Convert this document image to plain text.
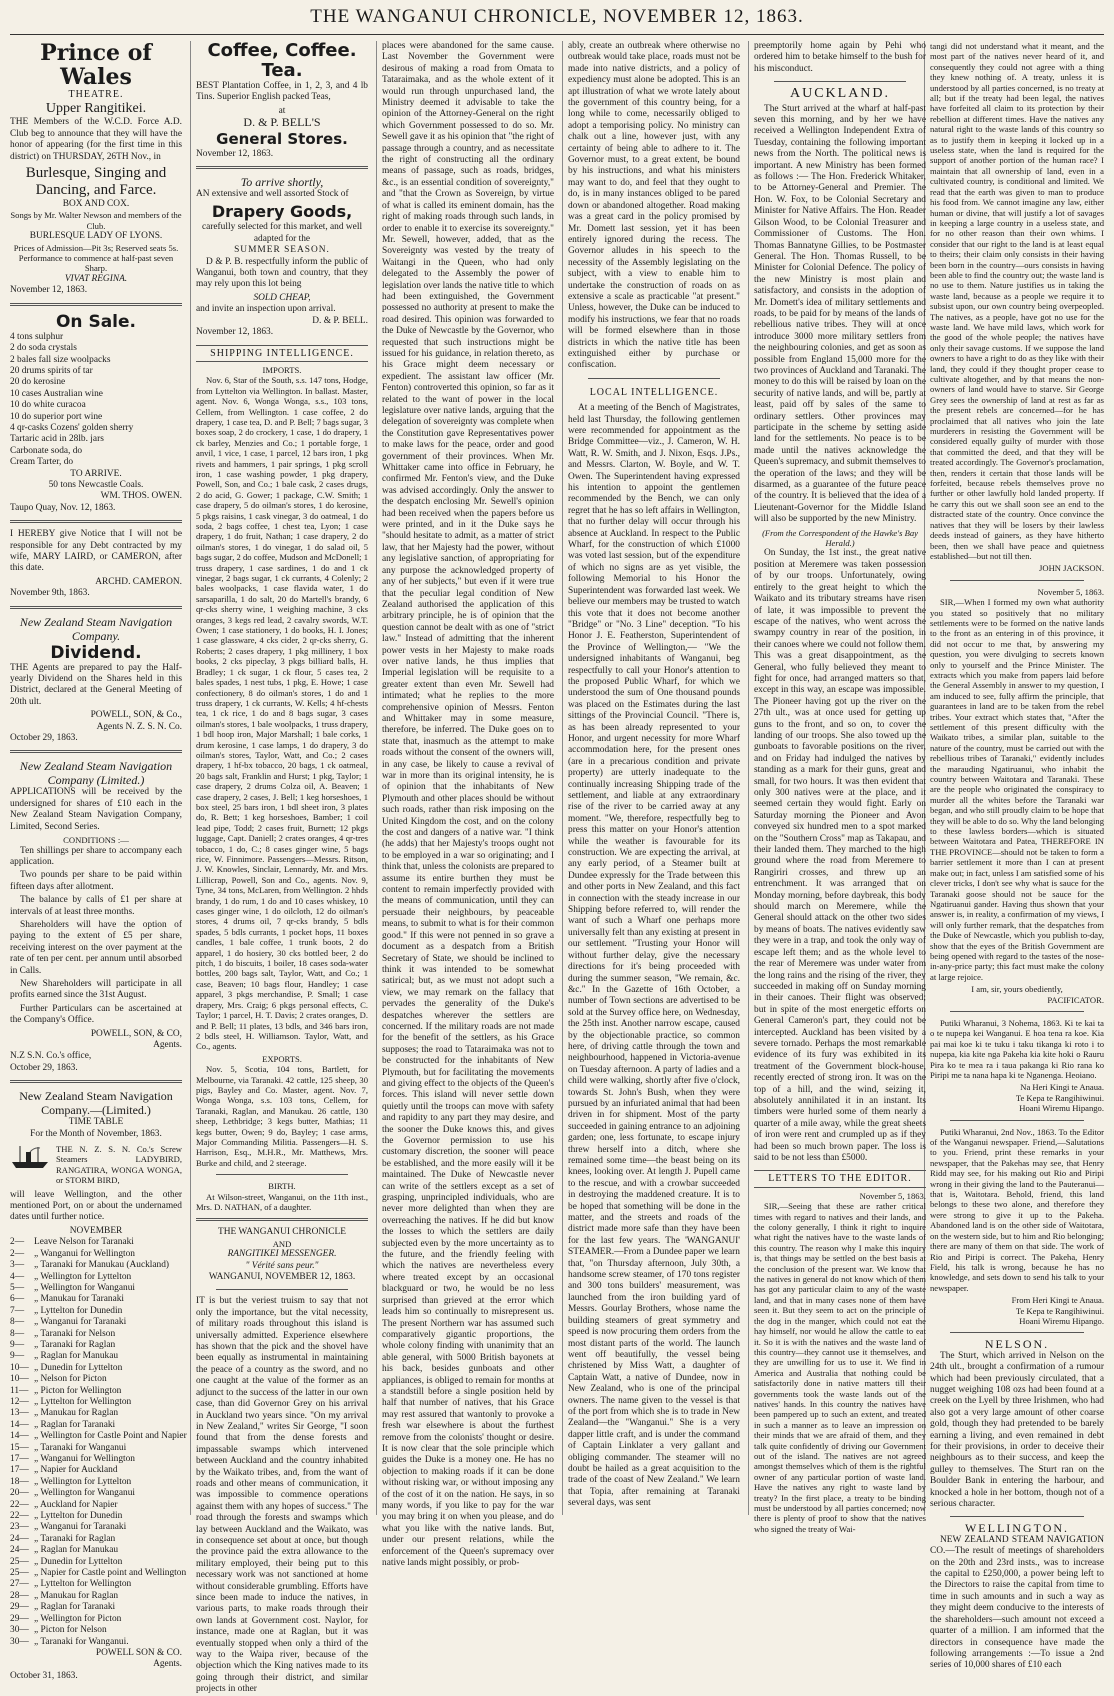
THE WANGANUI CHRONICLE, NOVEMBER 12, 1863.
Prince of Wales
THEATRE.
Upper Rangitikei.

THE Members of the W.C.D. Force A.D. Club beg to announce that they will have the honor of appearing (for the first time in this district) on THURSDAY, 26TH Nov., in

Burlesque, Singing and Dancing, and Farce.
BOX AND COX.
Songs by Mr. Walter Newson and members of the Club.
BURLESQUE LADY OF LYONS.
Prices of Admission—Pit 3s; Reserved seats 5s. Performance to commence at half-past seven Sharp.
VIVAT REGINA.
November 12, 1863.
On Sale.
4 tons sulphur
2 do soda crystals
2 bales fall size woolpacks
20 drums spirits of tar
20 do kerosine
10 cases Australian wine
10 do white curacoa
10 do superior port wine
4 qr-casks Cozens' golden sherry
Tartaric acid in 28lb. jars
Carbonate soda, do
Cream Tarter, do
TO ARRIVE.
50 tons Newcastle Coals.
WM. THOS. OWEN.
Taupo Quay, Nov. 12, 1863.

I HEREBY give Notice that I will not be responsible for any Debt contracted by my wife, MARY LAIRD, or CAMERON, after this date.

ARCHD. CAMERON.
November 9th, 1863.
New Zealand Steam Navigation Company.
Dividend.

THE Agents are prepared to pay the Half-yearly Dividend on the Shares held in this District, declared at the General Meeting of 20th ult.

POWELL, SON, & Co.,
Agents N. Z. S. N. Co.
October 29, 1863.
New Zealand Steam Navigation Company (Limited.)

APPLICATIONS will be received by the undersigned for shares of £10 each in the New Zealand Steam Navigation Company, Limited, Second Series.

CONDITIONS :—

Ten shillings per share to accompany each application.

Two pounds per share to be paid within fifteen days after allotment.

The balance by calls of £1 per share at intervals of at least three months.

Shareholders will have the option of paying to the extent of £5 per share, receiving interest on the over payment at the rate of ten per cent. per annum until absorbed in Calls.

New Shareholders will participate in all profits earned since the 31st August.

Further Particulars can be ascertained at the Company's Office.

POWELL, SON, & CO,
Agents.
N.Z S.N. Co.'s office,
October 29, 1863.
New Zealand Steam Navigation Company.—(Limited.)
TIME TABLE
For the Month of November, 1863.
THE N. Z. S. N. Co.'s Screw Steamers LADYBIRD, RANGATIRA, WONGA WONGA, or STORM BIRD,

will leave Wellington, and the other mentioned Port, on or about the undernamed dates until further notice.

NOVEMBER
2—	Leave Nelson for Taranaki
2—	„ Wanganui for Wellington
3—	„ Taranaki for Manukau (Auckland)
4—	„ Wellington for Lyttelton
5—	„ Wellington for Wanganui
6—	„ Manukau for Taranaki
7—	„ Lyttelton for Dunedin
8—	„ Wanganui for Taranaki
8—	„ Taranaki for Nelson
9—	„ Taranaki for Raglan
9—	„ Raglan for Manukau
10— „ Dunedin for Lyttelton
10— „ Nelson for Picton
11— „ Picton for Wellington
12— „ Lyttelton for Wellington
13— „ Manukau for Raglan
14— „ Raglan for Taranaki
14— „ Wellington for Castle Point and Napier
15— „ Taranaki for Wanganui
17— „ Wanganui for Wellington
17— „ Napier for Auckland
18— „ Wellington for Lyttelton
20— „ Wellington for Wanganui
22— „ Auckland for Napier
22— „ Lyttelton for Dunedin
23— „ Wanganui for Taranaki
24— „ Taranaki for Raglan
24— „ Raglan for Manukau
25— „ Dunedin for Lyttelton
25— „ Napier for Castle point and Wellington
27— „ Lyttelton for Wellington
28— „ Manukau for Raglan
29— „ Raglan for Taranaki
29— „ Wellington for Picton
30— „ Picton for Nelson
30— „ Taranaki for Wanganui.
POWELL SON & CO.
Agents.
October 31, 1863.
Coffee, Coffee. Tea.

BEST Plantation Coffee, in 1, 2, 3, and 4 lb Tins. Superior English packed Teas,

at
D. & P. BELL'S
General Stores.
November 12, 1863.
To arrive shortly,

AN extensive and well assorted Stock of

Drapery Goods,
carefully selected for this market, and well adapted for the
SUMMER SEASON.

D & P. B. respectfully inform the public of Wanganui, both town and country, that they may rely upon this lot being

SOLD CHEAP,
and invite an inspection upon arrival.
D. & P. BELL.
November 12, 1863.
SHIPPING INTELLIGENCE.
IMPORTS.

Nov. 6, Star of the South, s.s. 147 tons, Hodge, from Lyttelton via Wellington. In ballast. Master, agent. Nov. 6, Wonga Wonga, s.s., 103 tons, Cellem, from Wellington. 1 case coffee, 2 do drapery, 1 case tea, D. and P. Bell; 7 bags sugar, 3 boxes soap, 2 do crockery, 1 case, 1 do drapery, 1 ck barley, Menzies and Co.; 1 portable forge, 1 anvil, 1 vice, 1 case, 1 parcel, 12 bars iron, 1 pkg rivets and hammers, 1 pair springs, 1 pkg scroll iron, 1 case washing powder, 1 pkg drapery, Powell, Son, and Co.; 1 bale cask, 2 cases drugs, 2 do acid, G. Gower; 1 package, C.W. Smith; 1 case drapery, 5 do oilman's stores, 1 do kerosine, 5 pkgs raisins, 1 cask vinegar, 3 do oatmeal, 1 do soda, 2 bags coffee, 1 chest tea, Lyon; 1 case drapery, 1 do fruit, Nathan; 1 case drapery, 2 do oilman's stores, 1 do vinegar, 1 do salad oil, 5 bags sugar, 2 do coffee, Mudson and McDonell; 1 truss drapery, 1 case sardines, 1 do and 1 ck vinegar, 2 bags sugar, 1 ck currants, 4 Colenly; 2 bales woolpacks, 1 case flavida water, 1 do sarsaparilla, 1 do salt, 20 do Martell's brandy, 6 qr-cks sherry wine, 1 weighing machine, 3 cks oranges, 3 kegs red lead, 2 cavalry swords, W.T. Owen; 1 case stationery, 1 do books, H. I. Jones; 1 case glassware, 4 cks cider, 2 qr-cks sherry, G. Roberts; 2 cases drapery, 1 pkg millinery, 1 box books, 2 cks pipeclay, 3 pkgs billiard balls, H. Bradley; 1 ck sugar, 1 ck flour, 5 cases tea, 2 bales spades, 1 nest tubs, 1 pkg, E. Howe; 1 case confectionery, 8 do oilman's stores, 1 do and 1 truss drapery, 1 ck currants, W. Kells; 4 hf-chests tea, 1 ck rice, 1 do and 8 bags sugar, 3 cases oilman's stores, 1 bale woolpacks, 1 truss drapery, 1 bdl hoop iron, Major Marshall; 1 bale corks, 1 drum kerosine, 1 case lamps, 1 do drapery, 3 do oilman's stores, Taylor, Watt, and Co.; 2 cases drapery, 1 hf-bx tobacco, 20 bags, 1 ck oatmeal, 20 bags salt, Franklin and Hurst; 1 pkg, Taylor; 1 case drapery, 2 drums Colza oil, A. Beaven; 1 case drapery, 2 cases, J. Bell; 1 keg horseshoes, 1 box steel, 25 bars iron, 1 bdl sheet iron, 3 plates do, R. Bett; 1 keg horseshoes, Bamber; 1 coil lead pipe, Todd; 2 cases fruit, Burnett; 12 pkgs luggage, Capt. Daniell; 2 crates oranges, 4 qr-tres tobacco, 1 do, C.; 8 cases ginger wine, 5 bags rice, W. Finnimore. Passengers—Messrs. Ritson, J. W. Knowles, Sinclair, Lennardy, Mr. and Mrs. Lillicrap, Powell, Son and Co., agents. Nov. 9, Tyne, 34 tons, McLaren, from Wellington. 2 hhds brandy, 1 do rum, 1 do and 10 cases whiskey, 10 cases ginger wine, 1 do oilcloth, 12 do oilman's stores, 4 drums oil, 7 qr-cks brandy, 5 bdls spades, 5 bdls currants, 1 pocket hops, 11 boxes candles, 1 bale coffee, 1 trunk boots, 2 do apparel, 1 do hosiery, 30 cks bottled beer, 2 do pitch, 1 do biscuits, 1 boiler, 18 cases soda-water bottles, 200 bags salt, Taylor, Watt, and Co.; 1 case, Beaven; 10 bags flour, Handley; 1 case apparel, 3 pkgs merchandise, P. Small; 1 case drapery, Mrs. Craig; 6 pkgs personal effects, C. Taylor; 1 parcel, H. T. Davis; 2 crates oranges, D. and P. Bell; 11 plates, 13 bdls, and 346 bars iron, 2 bdls steel, H. Williamson. Taylor, Watt, and Co., agents.

EXPORTS.

Nov. 5, Scotia, 104 tons, Bartlett, for Melbourne, via Taranaki. 42 cattle, 125 sheep, 30 pigs, Bayley and Co. Master, agent. Nov. 7, Wonga Wonga, s.s. 103 tons, Cellem, for Taranaki, Raglan, and Manukau. 26 cattle, 130 sheep, Lethbridge; 3 kegs butter, Mathias; 11 kegs butter, Owen; 9 do, Bayley; 1 case arms, Major Commanding Militia. Passengers—H. S. Harrison, Esq., M.H.R., Mr. Matthews, Mrs. Burke and child, and 2 steerage.

BIRTH.

At Wilson-street, Wanganui, on the 11th inst., Mrs. D. NATHAN, of a daughter.

THE WANGANUI CHRONICLE
AND
RANGITIKEI MESSENGER.
" Vérité sans peur."
WANGANUI, NOVEMBER 12, 1863.

IT is but the veriest truism to say that not only the importance, but the vital necessity, of military roads throughout this island is universally admitted. Experience elsewhere has shown that the pick and the shovel have been equally as instrumental in maintaining the peace of a country as the sword, and no one caught at the value of the former as an adjunct to the success of the latter in our own case, than did Governor Grey on his arrival in Auckland two years since. "On my arrival in New Zealand," writes Sir George, "I soon found that from the dense forests and impassable swamps which intervened between Auckland and the country inhabited by the Waikato tribes, and, from the want of roads and other means of communication, it was impossible to commence operations against them with any hopes of success." The road through the forests and swamps which lay between Auckland and the Waikato, was in consequence set about at once, but though the province paid the extra allowance to the military employed, their being put to this necessary work was not sanctioned at home without considerable grumbling. Efforts have since been made to induce the natives, in various parts, to make roads through their own lands at Government cost. Naylor, for instance, made one at Raglan, but it was eventually stopped when only a third of the way to the Waipa river, because of the objection which the King natives made to its going through their district, and similar projects in other

places were abandoned for the same cause. Last November the Government were desirous of making a road from Omata to Tataraimaka, and as the whole extent of it would run through unpurchased land, the Ministry deemed it advisable to take the opinion of the Attorney-General on the right which Government possessed to do so. Mr. Sewell gave it as his opinion that "the right of passage through a country, and as necessitate the right of constructing all the ordinary means of passage, such as roads, bridges, &c., is an essential condition of sovereignty," and "that the Crown as Sovereign, by virtue of what is called its eminent domain, has the right of making roads through such lands, in order to enable it to exercise its sovereignty." Mr. Sewell, however, added, that as the Sovereignty was vested by the treaty of Waitangi in the Queen, who had only delegated to the Assembly the power of legislation over lands the native title to which had been extinguished, the Government possessed no authority at present to make the road desired. This opinion was forwarded to the Duke of Newcastle by the Governor, who requested that such instructions might be issued for his guidance, in relation thereto, as his Grace might deem necessary or expedient. The assistant law officer (Mr. Fenton) controverted this opinion, so far as it related to the want of power in the local legislature over native lands, arguing that the delegation of sovereignty was complete when the Constitution gave Representatives power to make laws for the peace, order and good government of their provinces. When Mr. Whittaker came into office in February, he confirmed Mr. Fenton's view, and the Duke was advised accordingly. Only the answer to the despatch enclosing Mr. Sewell's opinion had been received when the papers before us were printed, and in it the Duke says he "should hesitate to admit, as a matter of strict law, that her Majesty had the power, without any legislative sanction, of appropriating for any purpose the acknowledged property of any of her subjects," but even if it were true that the peculiar legal condition of New Zealand authorised the application of this arbitrary principle, he is of opinion that the question cannot be dealt with as one of "strict law." Instead of admitting that the inherent power vests in her Majesty to make roads over native lands, he thus implies that Imperial legislation will be requisite to a greater extent than even Mr. Sewell had intimated; what he replies to the more comprehensive opinion of Messrs. Fenton and Whittaker may in some measure, therefore, be inferred. The Duke goes on to state that, inasmuch as the attempt to make roads without the consent of the owners will, in any case, be likely to cause a revival of war in more than its original intensity, he is of opinion that the inhabitants of New Plymouth and other places should be without such roads, rather than risk imposing on the United Kingdom the cost, and on the colony the cost and dangers of a native war. "I think (he adds) that her Majesty's troops ought not to be employed in a war so originating; and I think that, unless the colonists are prepared to assume its entire burthen they must be content to remain imperfectly provided with the means of communication, until they can persuade their neighbours, by peaceable means, to submit to what is for their common good." If this were not penned in so grave a document as a despatch from a British Secretary of State, we should be inclined to think it was intended to be somewhat satirical; but, as we must not adopt such a view, we may remark on the fallacy that pervades the generality of the Duke's despatches wherever the settlers are concerned. If the military roads are not made for the benefit of the settlers, as his Grace supposes; the road to Tataraimaka was not to be constructed for the inhabitants of New Plymouth, but for facilitating the movements and giving effect to the objects of the Queen's forces. This island will never settle down quietly until the troops can move with safety and rapidity to any part they may desire, and the sooner the Duke knows this, and gives the Governor permission to use his customary discretion, the sooner will peace be established, and the more easily will it be maintained. The Duke of Newcastle never can write of the settlers except as a set of grasping, unprincipled individuals, who are never more delighted than when they are overreaching the natives. If he did but know the losses to which the settlers are daily subjected even by the more uncertainty as to the future, and the friendly feeling with which the natives are nevertheless every where treated except by an occasional blackguard or two, he would be no less surprised than grieved at the error which leads him so continually to misrepresent us. The present Northern war has assumed such comparatively gigantic proportions, the whole colony finding with unanimity that an able general, with 5000 British bayonets at his back, besides gunboats and other appliances, is obliged to remain for months at a standstill before a single position held by half that number of natives, that his Grace may rest assured that wantonly to provoke a fresh war elsewhere is about the furthest remove from the colonists' thought or desire. It is now clear that the sole principle which guides the Duke is a money one. He has no objection to making roads if it can be done without risking war, or without imposing any of the cost of it on the nation. He says, in so many words, if you like to pay for the war you may bring it on when you please, and do what you like with the native lands. But, under our present relations, while the enforcement of the Queen's supremacy over native lands might possibly, or prob-

ably, create an outbreak where otherwise no outbreak would take place, roads must not be made into native districts, and a policy of expediency must alone be adopted. This is an apt illustration of what we wrote lately about the government of this country being, for a long while to come, necessarily obliged to adopt a temporising policy. No ministry can chalk out a line, however just, with any certainty of being able to adhere to it. The Governor must, to a great extent, be bound by his instructions, and what his ministers may want to do, and feel that they ought to do, is in many instances obliged to be pared down or abandoned altogether. Road making was a great card in the policy promised by Mr. Domett last session, yet it has been entirely ignored during the recess. The Governor alludes in his speech to the necessity of the Assembly legislating on the subject, with a view to enable him to undertake the construction of roads on as extensive a scale as practicable "at present." Unless, however, the Duke can be induced to modify his instructions, we fear that no roads will be formed elsewhere than in those districts in which the native title has been extinguished either by purchase or confiscation.

LOCAL INTELLIGENCE.

At a meeting of the Bench of Magistrates, held last Thursday, the following gentlemen were recommended for appointment as the Bridge Committee—viz., J. Cameron, W. H. Watt, R. W. Smith, and J. Nixon, Esqs. J.Ps., and Messrs. Clarton, W. Boyle, and W. T. Owen. The Superintendent having expressed his intention to appoint the gentlemen recommended by the Bench, we can only regret that he has so left affairs in Wellington, that no further delay will occur through his absence at Auckland. In respect to the Public Wharf, for the construction of which £1000 was voted last session, but of the expenditure of which no signs are as yet visible, the following Memorial to his Honor the Superintendent was forwarded last week. We believe our members may be trusted to watch this vote that it does not become another "Bridge" or "No. 3 Line" deception. "To his Honor J. E. Featherston, Superintendent of the Province of Wellington,— "We the undersigned inhabitants of Wanganui, beg respectfully to call your Honor's attention to the proposed Public Wharf, for which we understood the sum of One thousand pounds was placed on the Estimates during the last sittings of the Provincial Council. "There is, as has been already represented to your Honor, and urgent necessity for more Wharf accommodation here, for the present ones (are in a precarious condition and private property) are utterly inadequate to the continually increasing Shipping trade of the settlement, and liable at any extraordinary rise of the river to be carried away at any moment. "We, therefore, respectfully beg to press this matter on your Honor's attention while the weather is favourable for its construction. We are expecting the arrival, at any early period, of a Steamer built at Dundee expressly for the Trade between this and other ports in New Zealand, and this fact in connection with the steady increase in our Shipping before referred to, will render the want of such a Wharf one perhaps more universally felt than any existing at present in our settlement. "Trusting your Honor will without further delay, give the necessary directions for it's being proceeded with during the summer season, "We remain, &c. &c." In the Gazette of 16th October, a number of Town sections are advertised to be sold at the Survey office here, on Wednesday, the 25th inst. Another narrow escape, caused by the objectionable practice, so common here, of driving cattle through the town and neighbourhood, happened in Victoria-avenue on Tuesday afternoon. A party of ladies and a child were walking, shortly after five o'clock, towards St. John's Bush, when they were pursued by an infuriated animal that had been driven in for shipment. Most of the party succeeded in gaining entrance to an adjoining garden; one, less fortunate, to escape injury threw herself into a ditch, where she remained some time—the beast being on its knees, looking over. At length J. Pupell came to the rescue, and with a crowbar succeeded in destroying the maddened creature. It is to be hoped that something will be done in the matter, and the streets and roads of the district made more safe than they have been for the last few years. The 'WANGANUI' STEAMER.—From a Dundee paper we learn that, "on Thursday afternoon, July 30th, a handsome screw steamer, of 170 tons register and 300 tons builders' measurement, was launched from the iron building yard of Messrs. Gourlay Brothers, whose name the building steamers of great symmetry and speed is now procuring them orders from the most distant parts of the world. The launch went off beautifully, the vessel being christened by Miss Watt, a daughter of Captain Watt, a native of Dundee, now in New Zealand, who is one of the principal owners. The name given to the vessel is that of the port from which she is to trade in New Zealand—the "Wanganui." She is a very dapper little craft, and is under the command of Captain Linklater a very gallant and obliging commander. The steamer will no doubt be hailed as a great acquisition to the trade of the coast of New Zealand." We learn that Topia, after remaining at Taranaki several days, was sent

preemptorily home again by Pehi who ordered him to betake himself to the bush for his misconduct.

AUCKLAND.

The Sturt arrived at the wharf at half-past seven this morning, and by her we have received a Wellington Independent Extra of Tuesday, containing the following important news from the North. The political news is important. A new Ministry has been formed as follows :— The Hon. Frederick Whitaker, to be Attorney-General and Premier. The Hon. W. Fox, to be Colonial Secretary and Minister for Native Affairs. The Hon. Reader Gilson Wood, to be Colonial Treasurer and Commissioner of Customs. The Hon. Thomas Bannatyne Gillies, to be Postmaster General. The Hon. Thomas Russell, to be Minister for Colonial Defence. The policy of the new Ministry is most plain and satisfactory, and consists in the adoption of Mr. Domett's idea of military settlements and roads, to be paid for by means of the lands of rebellious native tribes. They will at once introduce 3000 more military settlers from the neighbouring colonies, and get as soon as possible from England 15,000 more for the two provinces of Auckland and Taranaki. The money to do this will be raised by loan on the security of native lands, and will be, partly at least, paid off by sales of the same to ordinary settlers. Other provinces may participate in the scheme by setting aside land for the settlements. No peace is to be made until the natives acknowledge the Queen's supremacy, and submit themselves to the operation of the laws; and they will be disarmed, as a guarantee of the future peace of the country. It is believed that the idea of a Lieutenant-Governor for the Middle Island will also be supported by the new Ministry.

(From the Correspondent of the Hawke's Bay Herald.)

On Sunday, the 1st inst., the great native position at Meremere was taken possession of by our troops. Unfortunately, owing entirely to the great height to which the Waikato and its tributary streams have risen of late, it was impossible to prevent the escape of the natives, who went across the swampy country in rear of the position, in their canoes where we could not follow them. This was a great disappointment, as the General, who fully believed they meant to fight for once, had arranged matters so that, except in this way, an escape was impossible. The Pioneer having got up the river on the 27th ult., was at once used for getting up guns to the front, and so on, to cover the landing of our troops. She also towed up the gunboats to favorable positions on the river, and on Friday had indulged the natives by standing as a mark for their guns, great and small, for two hours. It was then evident that only 300 natives were at the place, and it seemed certain they would fight. Early on Saturday morning the Pioneer and Avon conveyed six hundred men to a spot marked on the "Southern Cross" map as Takapau, and their landed them. They marched to the high ground where the road from Meremere to Rangiriri crosses, and threw up an entrenchment. It was arranged that on Monday morning, before daybreak, this body should march on Meremere, while the General should attack on the other two sides by means of boats. The natives evidently saw they were in a trap, and took the only way of escape left them; and as the whole level to the rear of Meremere was under water from the long rains and the rising of the river, they succeeded in making off on Sunday morning in their canoes. Their flight was observed; but in spite of the most energetic efforts on General Cameron's part, they could not be intercepted. Auckland has been visited by a severe tornado. Perhaps the most remarkable evidence of its fury was exhibited in its treatment of the Government block-house, recently erected of strong iron. It was on the top of a hill, and the wind, seizing it, absolutely annihilated it in an instant. Its timbers were hurled some of them nearly a quarter of a mile away, while the great sheets of iron were rent and crumpled up as if they had been so much brown paper. The loss is said to be not less than £5000.

LETTERS TO THE EDITOR.
November 5, 1863.

SIR,—Seeing that these are rather critical times with regard to natives and their lands, and the colony generally, I think it right to inquire what right the natives have to the waste lands of this country. The reason why I make this inquiry is, that things may be settled on the best basis at the conclusion of the present war. We know that the natives in general do not know which of them has got any particular claim to any of the waste land, and that in many cases none of them have seen it. But they seem to act on the principle of the dog in the manger, which could not eat the hay himself, nor would he allow the cattle to eat it. So it is with the natives and the waste land of this country—they cannot use it themselves, and they are unwilling for us to use it. We find in America and Australia that nothing could be satisfactorily done in native matters till their governments took the waste lands out of the natives' hands. In this country the natives have been pampered up to such an extent, and treated in such a manner as to leave an impression on their minds that we are afraid of them, and they talk quite confidently of driving our Government out of the island. The natives are not agreed amongst themselves which of them is the rightful owner of any particular portion of waste land. Have the natives any right to waste land by treaty? In the first place, a treaty to be binding must be understood by all parties concerned; now there is plenty of proof to show that the natives who signed the treaty of Wai-

tangi did not understand what it meant, and the most part of the natives never heard of it, and consequently they could not agree with a thing they knew nothing of. A treaty, unless it is understood by all parties concerned, is no treaty at all; but if the treaty had been legal, the natives have forfeited all claim to its protection by their rebellion at different times. Have the natives any natural right to the waste lands of this country so as to justify them in keeping it locked up in a useless state, when the land is required for the support of another portion of the human race? I maintain that all ownership of land, even in a cultivated country, is conditional and limited. We read that the earth was given to man to produce his food from. We cannot imagine any law, either human or divine, that will justify a lot of savages in keeping a large country in a useless state, and for no other reason than their own whims. I consider that our right to the land is at least equal to theirs; their claim only consists in their having been born in the country—ours consists in having been able to find the country out; the waste land is no use to them. Nature justifies us in taking the waste land, because as a people we require it to subsist upon, our own country being overpeopled. The natives, as a people, have got no use for the waste land. We have mild laws, which work for the good of the whole people; the natives have only their savage customs. If we suppose the land owners to have a right to do as they like with their land, they could if they thought proper cease to cultivate altogether, and by that means the non-owners of land would have to starve. Sir George Grey sees the ownership of land at rest as far as the present rebels are concerned—for he has proclaimed that all natives who join the late murderers in resisting the Government will be considered equally guilty of murder with those that committed the deed, and that they will be treated accordingly. The Governor's proclamation, then, renders it certain that those lands will be forfeited, because rebels themselves prove no further or other lawfully hold landed property. If he carry this out we shall soon see an end to the distracted state of the country. Once convince the natives that they will be losers by their lawless deeds instead of gainers, as they have hitherto been, then we shall have peace and quietness established—but not till then.

JOHN JACKSON.
November 5, 1863.

SIR,—When I formed my own what authority you stated so positively that no military settlements were to be formed on the native lands to the front as an entering in of this province, it did not occur to me that, by answering my question, you were divulging to secrets known only to yourself and the Prince Minister. The extracts which you make from papers laid before the General Assembly in answer to my question, I am induced to see, fully affirm the principle, that guarantees in land are to be taken from the rebel tribes. Your extract which states that, "After the settlement of this present difficulty with the Waikato tribes, a similar plan, suitable to the nature of the country, must be carried out with the rebellious tribes of Taranaki," evidently includes the marauding Ngatiruanui, who inhabit the country between Waitotara and Taranaki. These are the people who originated the conspiracy to murder all the whites before the Taranaki war began, and who still proudly claim to be hope that they will be able to do so. Why the land belonging to these lawless borders—which is situated between Waitotara and Patea, THEREFORE IN THE PROVINCE—should not be taken to form a barrier settlement it more than I can at present make out; in fact, unless I am satisfied some of his clever tricks, I don't see why what is sauce for the Taranaki goose should not be sauce for the Ngatiruanui gander. Having thus shown that your answer is, in reality, a confirmation of my views, I will only further remark, that the despatches from the Duke of Newcastle, which you publish to-day, show that the eyes of the British Government are being opened with regard to the tastes of the nose-in-any-price party; this fact must make the colony at large rejoice.

I am, sir, yours obediently,
PACIFICATOR.

Putiki Wharanui, 3 Nohema, 1863. Ki te kai ta o te nupepa kei Wanganui. E hoa tena ra koe. Kia pai mai koe ki te tuku i taku tikanga ki roto i to nupepa, kia kite nga Pakeha kia kite hoki o Rauru Pira ko te mea ra i taua pakanga ki Rio rana ko Piripi me ta nana hapa ki te Nganenga. Heoiano.

Na Heri Kingi te Anaua.
Te Kepa te Rangihiwinui.
Hoani Wiremu Hipango.

Putiki Wharanui, 2nd Nov., 1863. To the Editor of the Wanganui newspaper. Friend,—Salutations to you. Friend, print these remarks in your newspaper, that the Pakehas may see, that Henry Ridd may see, for his making out Rio and Piripi wrong in their giving the land to the Pauteranui—that is, Waitotara. Behold, friend, this land belongs to these two alone, and therefore they were strong to give it up to the Pakeha. Abandoned land is on the other side of Waitotara, on the western side, but to him and Rio belonging; there are many of them on that side. The work of Rio and Piripi is correct. The Pakeha, Henry Field, his talk is wrong, because he has no knowledge, and sets down to send his talk to your newspaper.

From Heri Kingi te Anaua.
Te Kepa te Rangihiwinui.
Hoani Wiremu Hipango.
NELSON.

The Sturt, which arrived in Nelson on the 24th ult., brought a confirmation of a rumour which had been previously circulated, that a nugget weighing 108 ozs had been found at a creek on the Lyell by three Irishmen, who had also got a very large amount of other coarse gold, though they had pretended to be barely earning a living, and even remained in debt for their provisions, in order to deceive their neighbours as to their success, and keep the gulley to themselves. The Sturt ran on the Boulder Bank in entering the harbour, and knocked a hole in her bottom, though not of a serious character.

WELLINGTON.

NEW ZEALAND STEAM NAVIGATION CO.—The result of meetings of shareholders on the 20th and 23rd insts., was to increase the capital to £250,000, a power being left to the Directors to raise the capital from time to time in such amounts and in such a way as they might deem conducive to the interests of the shareholders—such amount not exceed a quarter of a million. I am informed that the directors in consequence have made the following arrangements :—To issue a 2nd series of 10,000 shares of £10 each
